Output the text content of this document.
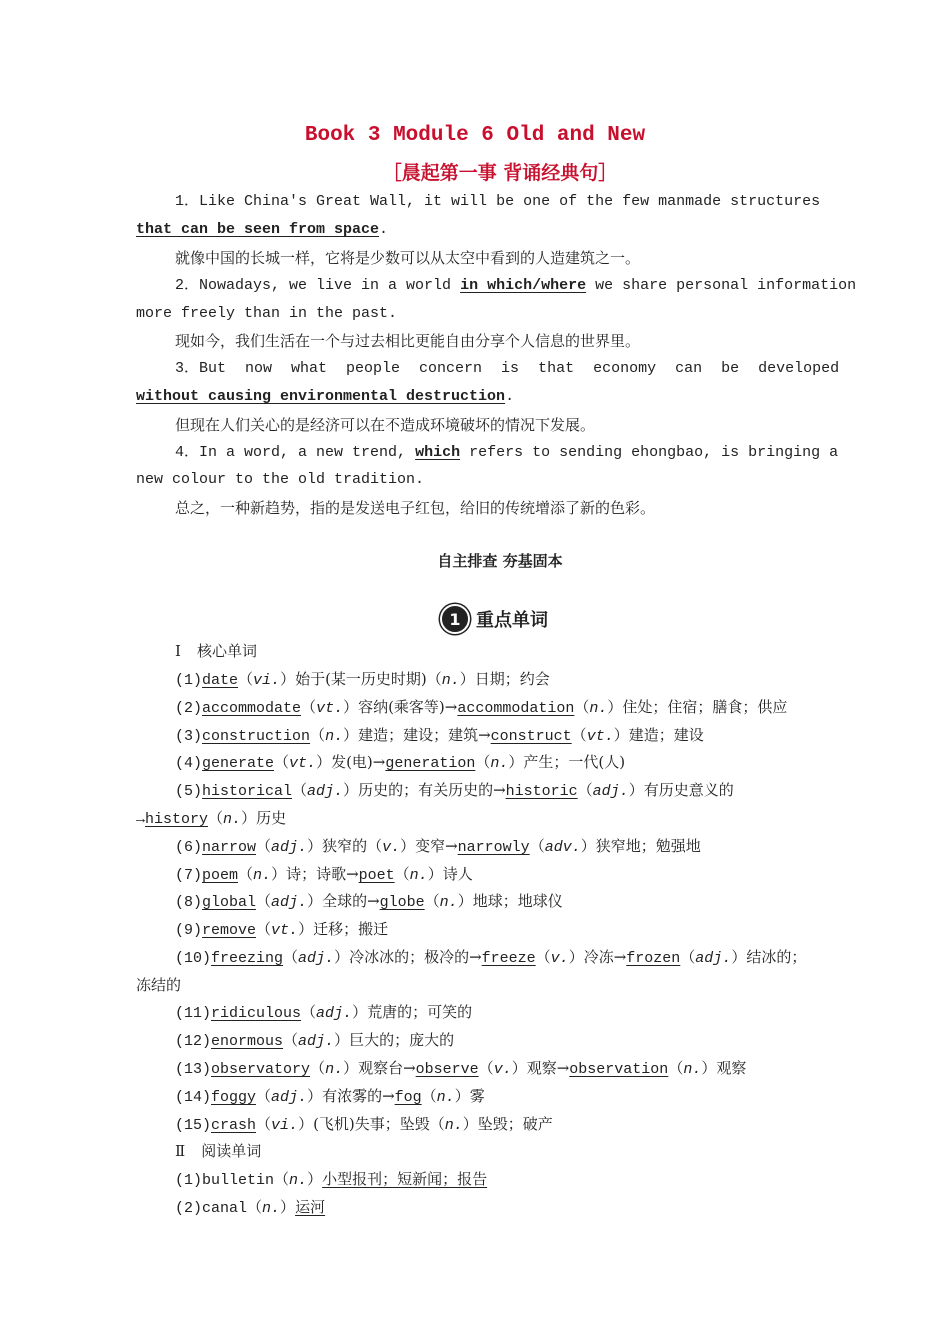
Book 3 Module 6 Old and New
［晨起第一事 背诵经典句］
1．Like China's Great Wall, it will be one of the few manmade structures
that can be seen from space.
就像中国的长城一样，它将是少数可以从太空中看到的人造建筑之一。
2．Nowadays, we live in a world in which/where we share personal information
more freely than in the past.
现如今，我们生活在一个与过去相比更能自由分享个人信息的世界里。
3．But now what people concern is that economy can be developed
without causing environmental destruction.
但现在人们关心的是经济可以在不造成环境破坏的情况下发展。
4．In a word, a new trend, which refers to sending ehongbao, is bringing a
new colour to the old tradition.
总之，一种新趋势，指的是发送电子红包，给旧的传统增添了新的色彩。
自主排查 夯基固本
1 重点单词
Ⅰ 核心单词
(1)date（vi.）始于(某一历史时期)（n.）日期；约会
(2)accommodate（vt.）容纳(乘客等)→accommodation（n.）住处；住宿；膳食；供应
(3)construction（n.）建造；建设；建筑→construct（vt.）建造；建设
(4)generate（vt.）发(电)→generation（n.）产生；一代(人)
(5)historical（adj.）历史的；有关历史的→historic（adj.）有历史意义的
→history（n.）历史
(6)narrow（adj.）狭窄的（v.）变窄→narrowly（adv.）狭窄地；勉强地
(7)poem（n.）诗；诗歌→poet（n.）诗人
(8)global（adj.）全球的→globe（n.）地球；地球仪
(9)remove（vt.）迁移；搬迁
(10)freezing（adj.）冷冰冰的；极冷的→freeze（v.）冷冻→frozen（adj.）结冰的；
冻结的
(11)ridiculous（adj.）荒唐的；可笑的
(12)enormous（adj.）巨大的；庞大的
(13)observatory（n.）观察台→observe（v.）观察→observation（n.）观察
(14)foggy（adj.）有浓雾的→fog（n.）雾
(15)crash（vi.）(飞机)失事；坠毁（n.）坠毁；破产
Ⅱ 阅读单词
(1)bulletin（n.）小型报刊；短新闻；报告
(2)canal（n.）运河
